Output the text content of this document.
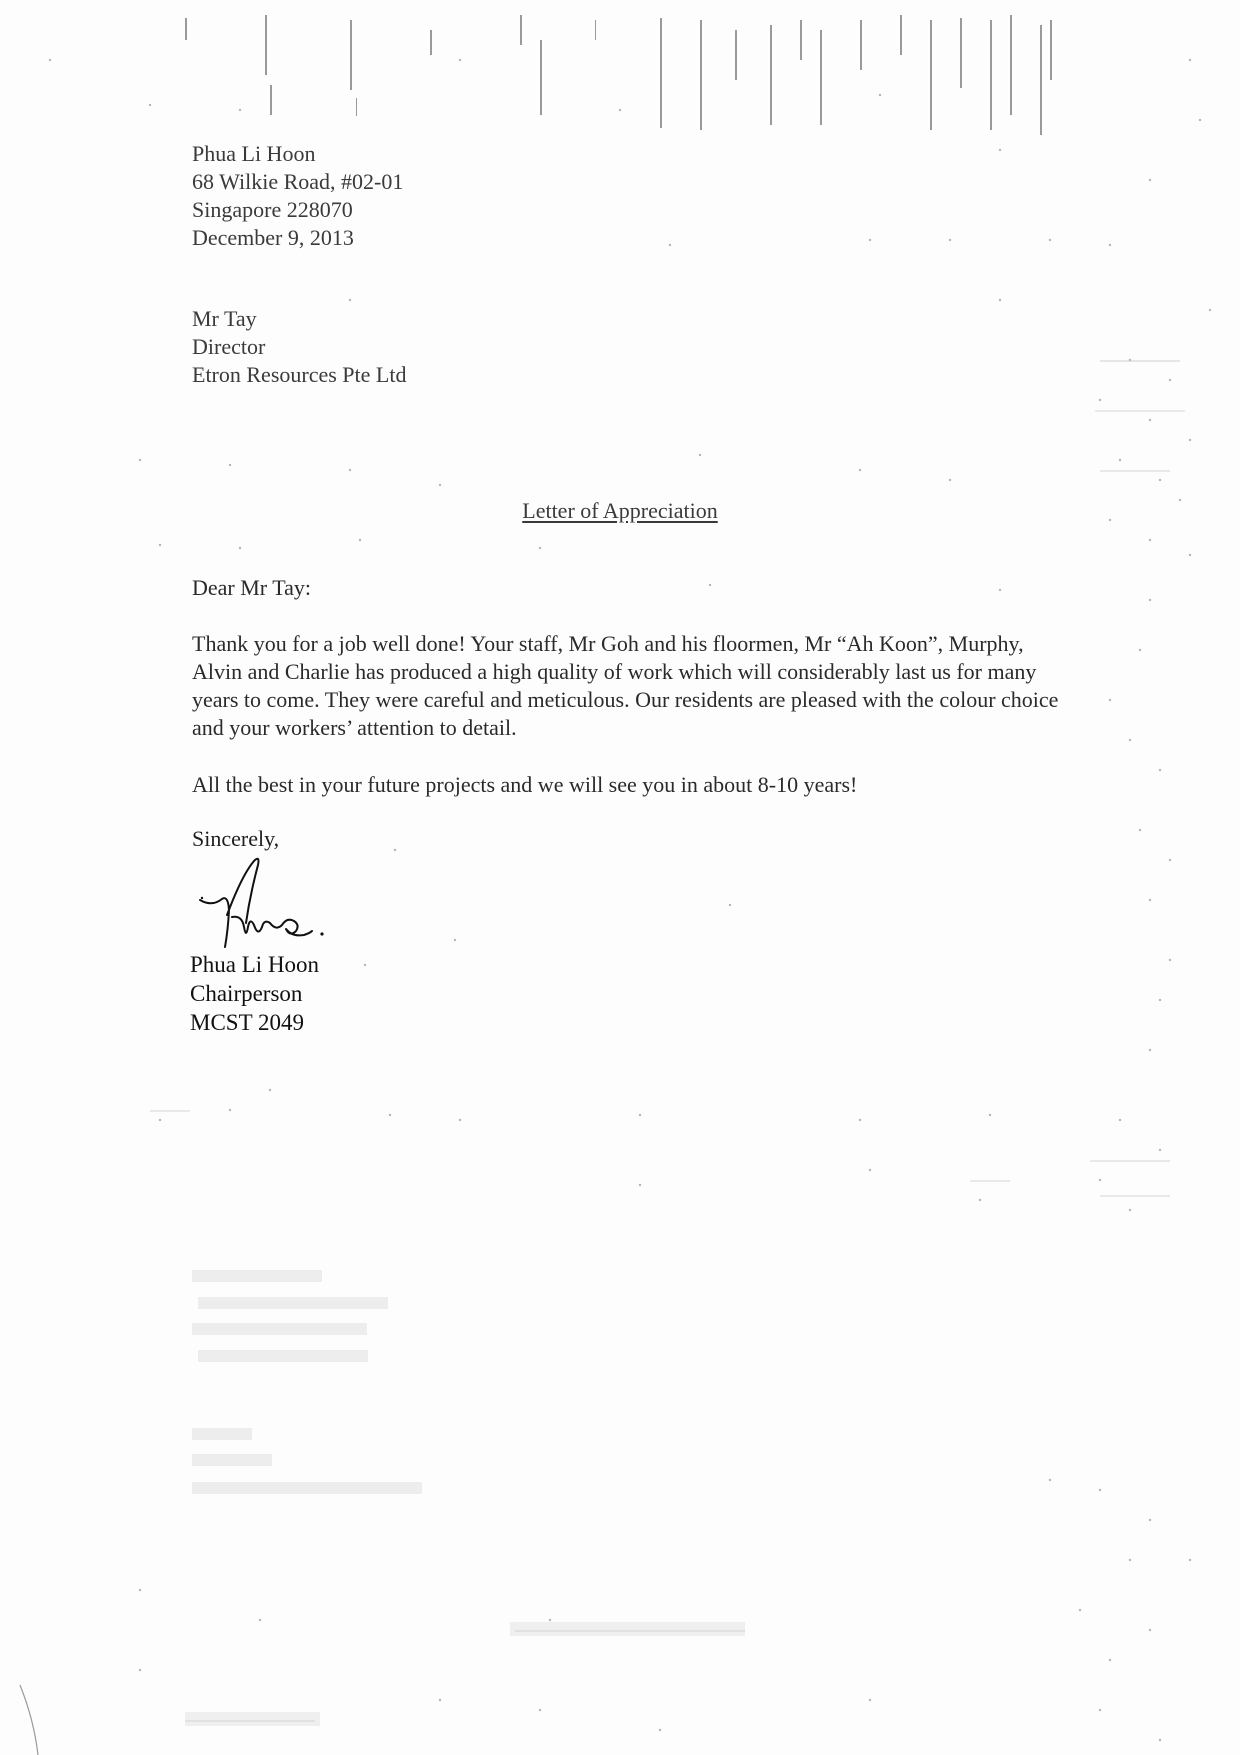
Phua Li Hoon
68 Wilkie Road, #02-01
Singapore 228070
December 9, 2013
Mr Tay
Director
Etron Resources Pte Ltd
Letter of Appreciation
Dear Mr Tay:
Thank you for a job well done! Your staff, Mr Goh and his floormen, Mr “Ah Koon”, Murphy, Alvin and Charlie has produced a high quality of work which will considerably last us for many years to come. They were careful and meticulous. Our residents are pleased with the colour choice and your workers’ attention to detail.
All the best in your future projects and we will see you in about 8-10 years!
Sincerely,
Phua Li Hoon
Chairperson
MCST 2049
